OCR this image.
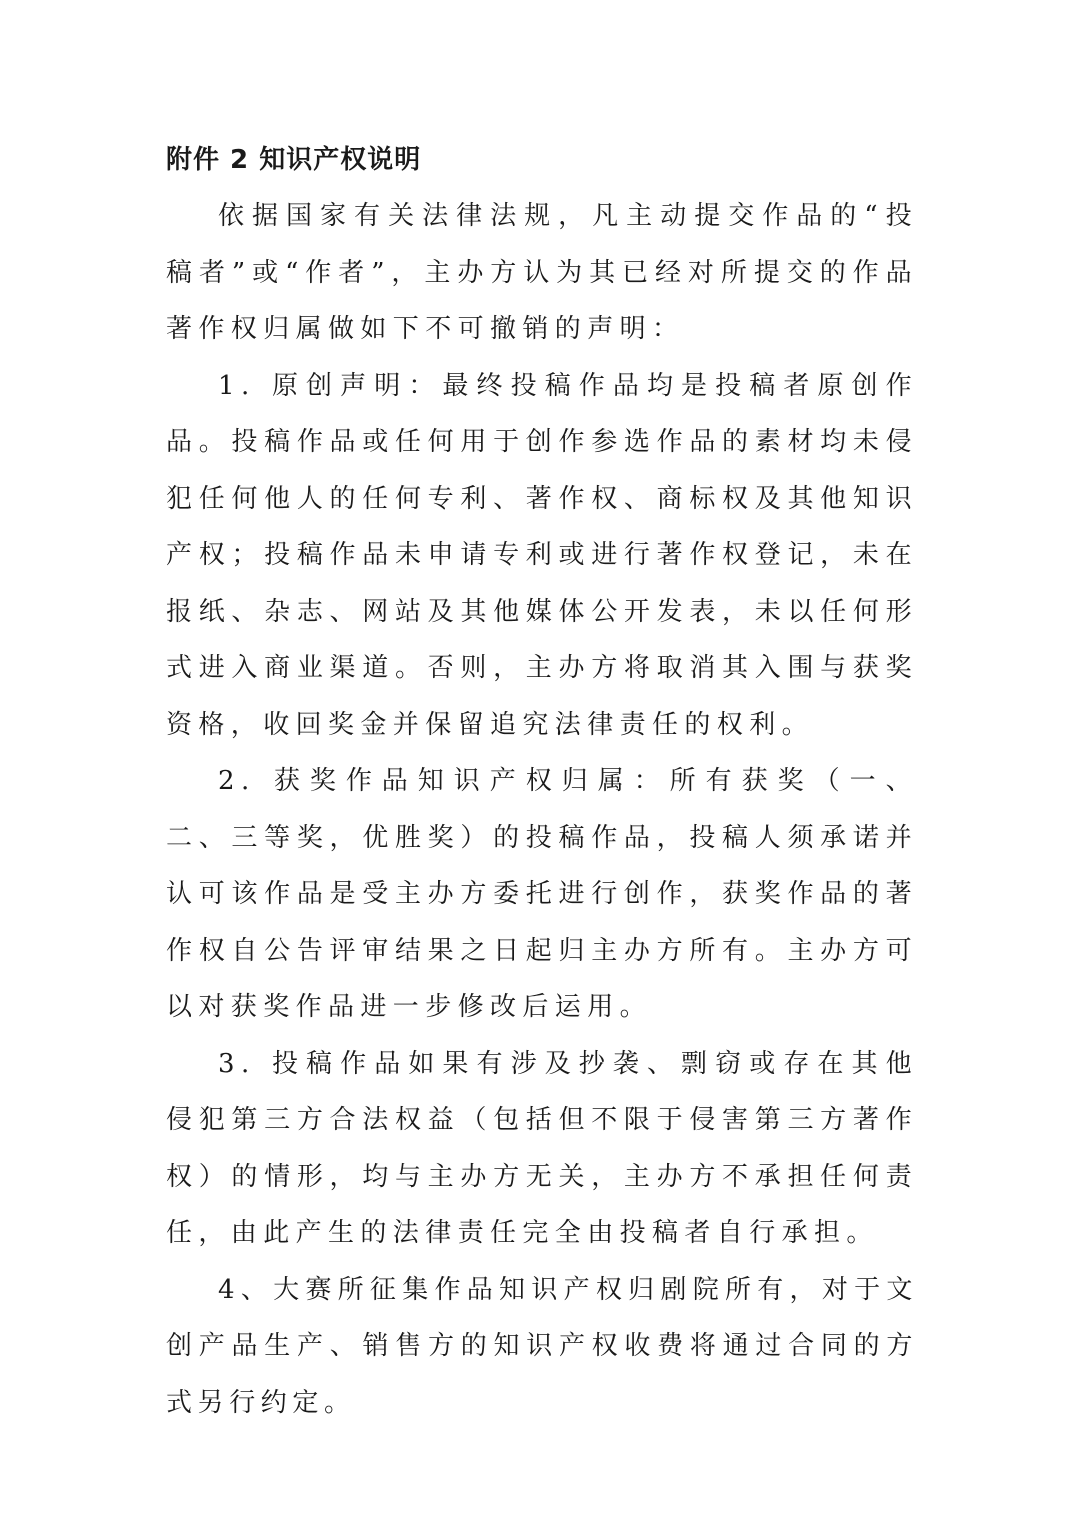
附件 2 知识产权说明

依据国家有关法律法规，凡主动提交作品的“投稿者”或“作者”，主办方认为其已经对所提交的作品著作权归属做如下不可撤销的声明：

1. 原创声明：最终投稿作品均是投稿者原创作品。投稿作品或任何用于创作参选作品的素材均未侵犯任何他人的任何专利、著作权、商标权及其他知识产权；投稿作品未申请专利或进行著作权登记，未在报纸、杂志、网站及其他媒体公开发表，未以任何形式进入商业渠道。否则，主办方将取消其入围与获奖资格，收回奖金并保留追究法律责任的权利。

2. 获奖作品知识产权归属：所有获奖（一、二、三等奖，优胜奖）的投稿作品，投稿人须承诺并认可该作品是受主办方委托进行创作，获奖作品的著作权自公告评审结果之日起归主办方所有。主办方可以对获奖作品进一步修改后运用。

3. 投稿作品如果有涉及抄袭、剽窃或存在其他侵犯第三方合法权益（包括但不限于侵害第三方著作权）的情形，均与主办方无关，主办方不承担任何责任，由此产生的法律责任完全由投稿者自行承担。

4、大赛所征集作品知识产权归剧院所有，对于文创产品生产、销售方的知识产权收费将通过合同的方式另行约定。
